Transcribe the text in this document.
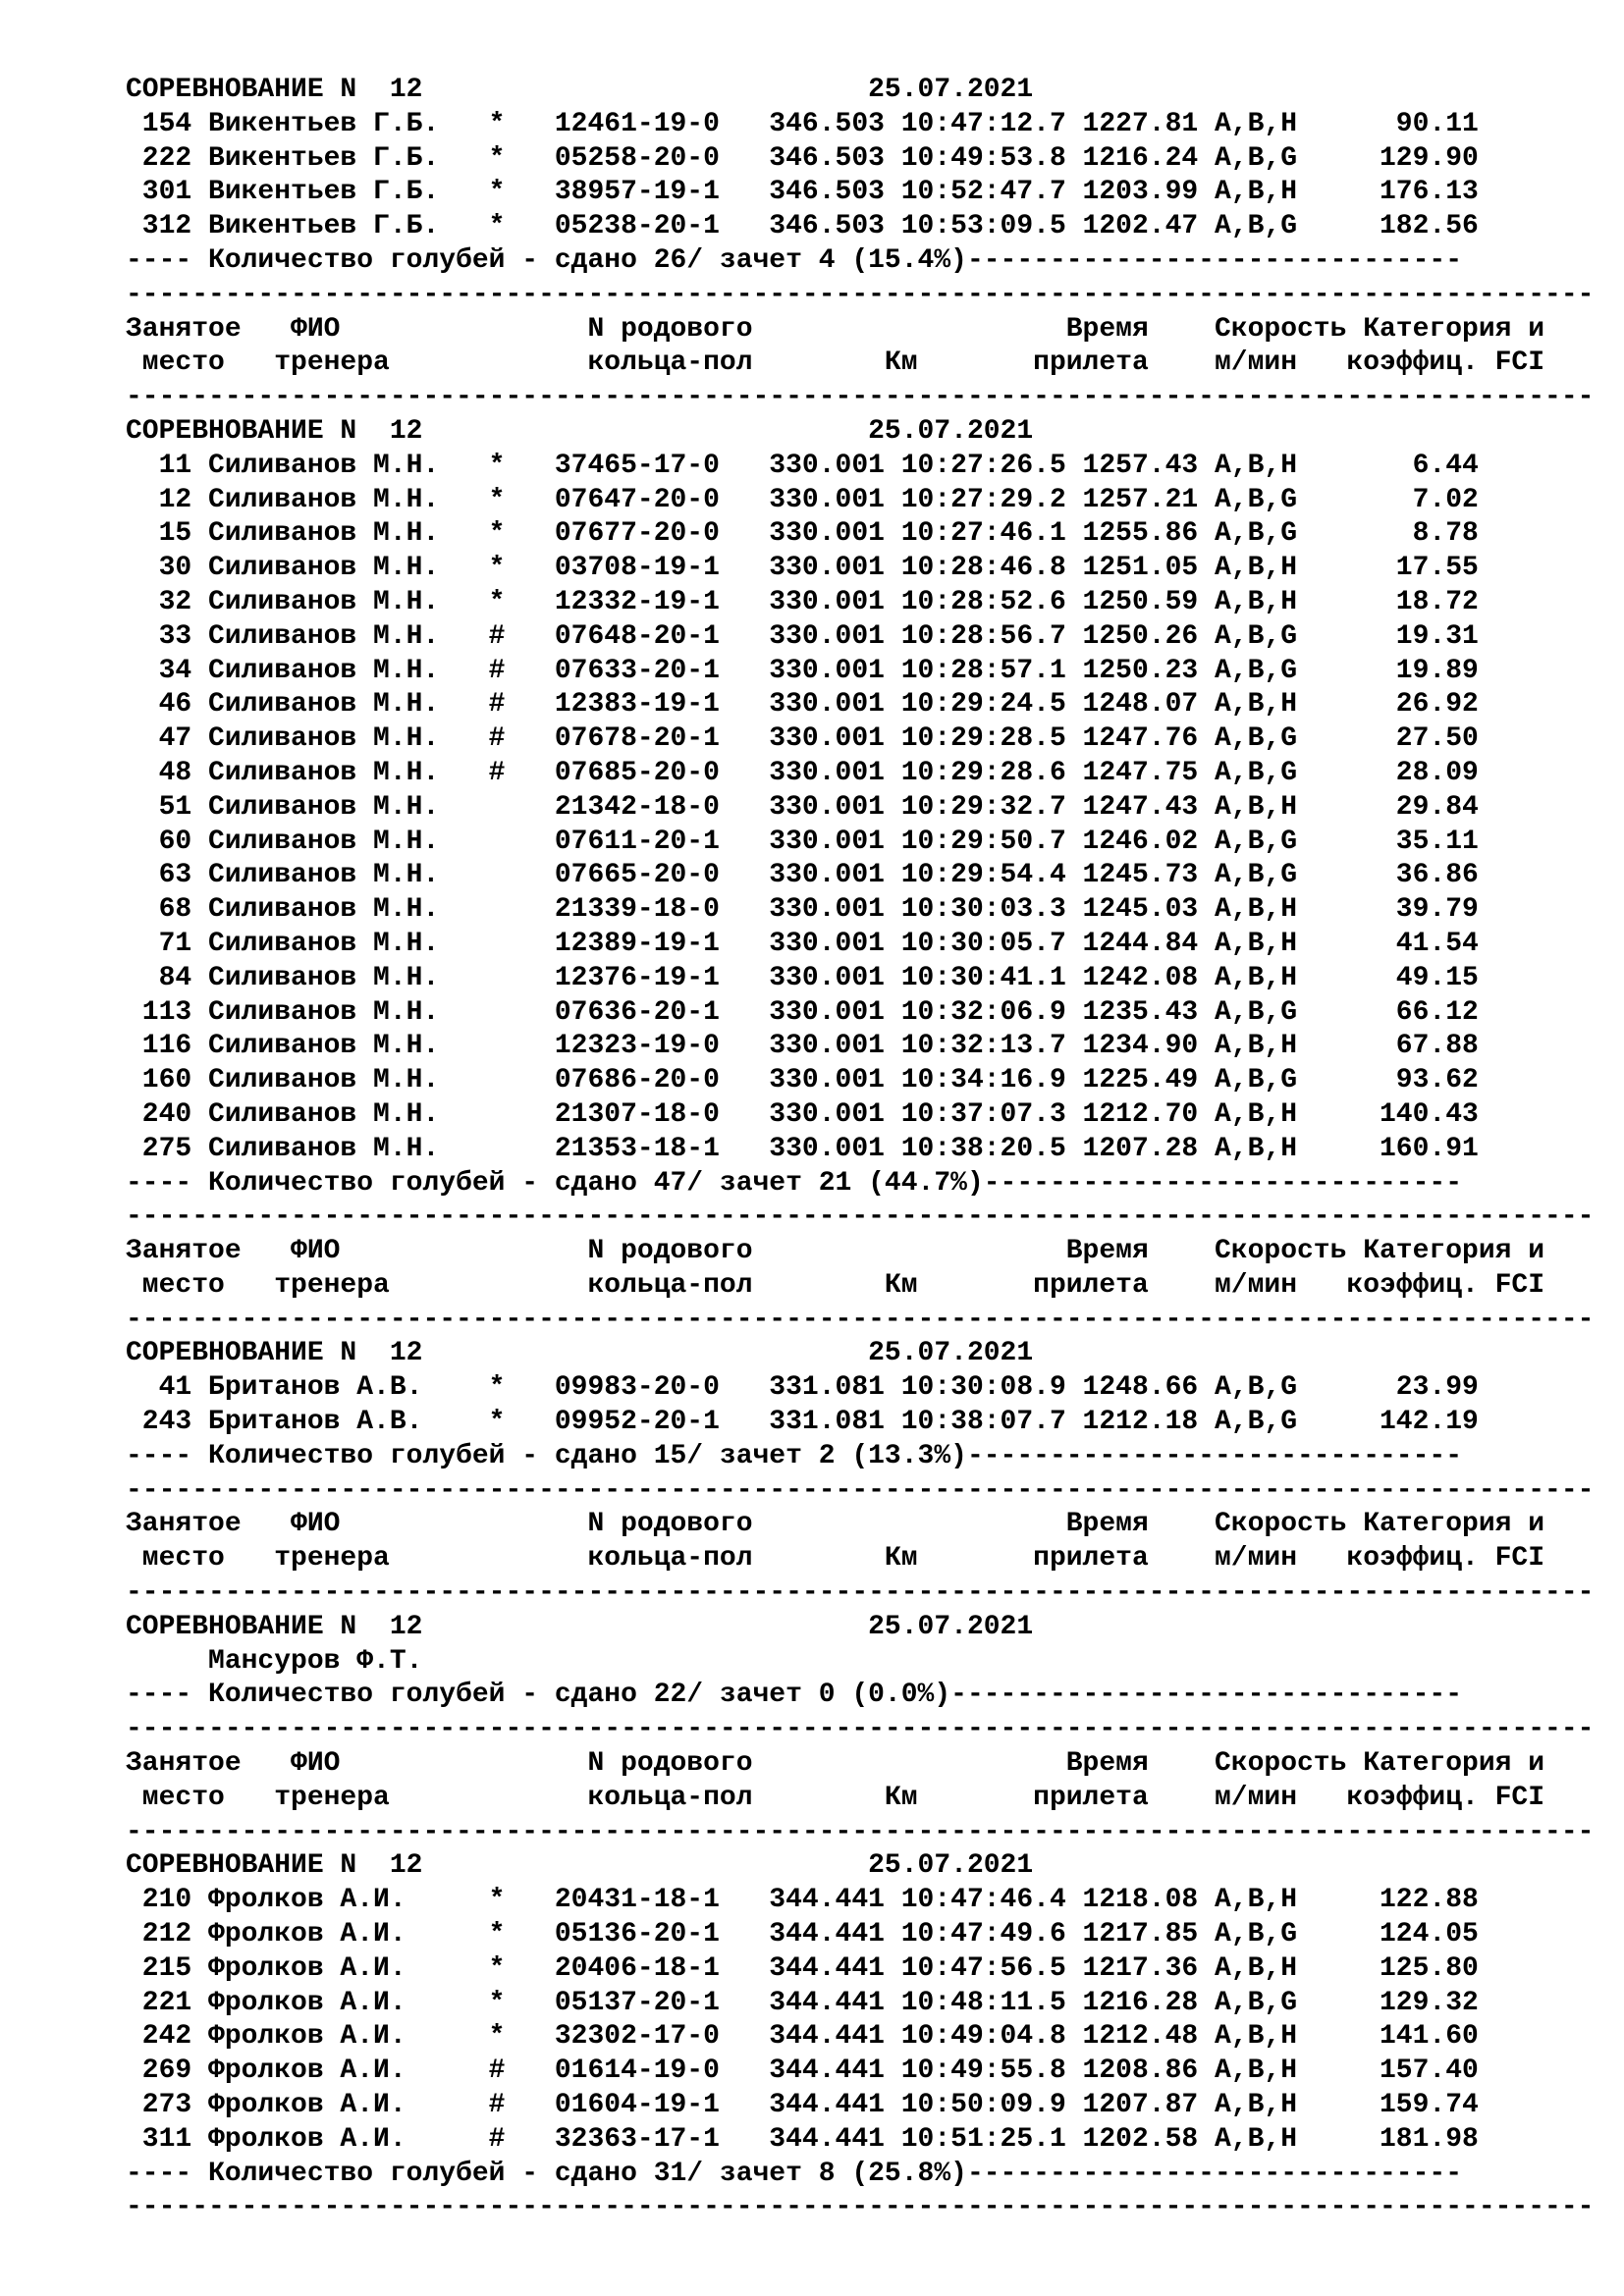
СОРЕВНОВАНИЕ N  12                           25.07.2021
154 Викентьев Г.Б.   *   12461-19-0   346.503 10:47:12.7 1227.81 A,B,H      90.11
222 Викентьев Г.Б.   *   05258-20-0   346.503 10:49:53.8 1216.24 A,B,G     129.90
301 Викентьев Г.Б.   *   38957-19-1   346.503 10:52:47.7 1203.99 A,B,H     176.13
312 Викентьев Г.Б.   *   05238-20-1   346.503 10:53:09.5 1202.47 A,B,G     182.56
---- Количество голубей - сдано 26/ зачет 4 (15.4%)------------------------------
-----------------------------------------------------------------------------------------
Занятое   ФИО               N родового                   Время    Скорость Категория и
место   тренера            кольца-пол        Км       прилета    м/мин   коэффиц. FCI
-----------------------------------------------------------------------------------------
СОРЕВНОВАНИЕ N  12                           25.07.2021
11 Силиванов М.Н.   *   37465-17-0   330.001 10:27:26.5 1257.43 A,B,H       6.44
12 Силиванов М.Н.   *   07647-20-0   330.001 10:27:29.2 1257.21 A,B,G       7.02
15 Силиванов М.Н.   *   07677-20-0   330.001 10:27:46.1 1255.86 A,B,G       8.78
30 Силиванов М.Н.   *   03708-19-1   330.001 10:28:46.8 1251.05 A,B,H      17.55
32 Силиванов М.Н.   *   12332-19-1   330.001 10:28:52.6 1250.59 A,B,H      18.72
33 Силиванов М.Н.   #   07648-20-1   330.001 10:28:56.7 1250.26 A,B,G      19.31
34 Силиванов М.Н.   #   07633-20-1   330.001 10:28:57.1 1250.23 A,B,G      19.89
46 Силиванов М.Н.   #   12383-19-1   330.001 10:29:24.5 1248.07 A,B,H      26.92
47 Силиванов М.Н.   #   07678-20-1   330.001 10:29:28.5 1247.76 A,B,G      27.50
48 Силиванов М.Н.   #   07685-20-0   330.001 10:29:28.6 1247.75 A,B,G      28.09
51 Силиванов М.Н.       21342-18-0   330.001 10:29:32.7 1247.43 A,B,H      29.84
60 Силиванов М.Н.       07611-20-1   330.001 10:29:50.7 1246.02 A,B,G      35.11
63 Силиванов М.Н.       07665-20-0   330.001 10:29:54.4 1245.73 A,B,G      36.86
68 Силиванов М.Н.       21339-18-0   330.001 10:30:03.3 1245.03 A,B,H      39.79
71 Силиванов М.Н.       12389-19-1   330.001 10:30:05.7 1244.84 A,B,H      41.54
84 Силиванов М.Н.       12376-19-1   330.001 10:30:41.1 1242.08 A,B,H      49.15
113 Силиванов М.Н.       07636-20-1   330.001 10:32:06.9 1235.43 A,B,G      66.12
116 Силиванов М.Н.       12323-19-0   330.001 10:32:13.7 1234.90 A,B,H      67.88
160 Силиванов М.Н.       07686-20-0   330.001 10:34:16.9 1225.49 A,B,G      93.62
240 Силиванов М.Н.       21307-18-0   330.001 10:37:07.3 1212.70 A,B,H     140.43
275 Силиванов М.Н.       21353-18-1   330.001 10:38:20.5 1207.28 A,B,H     160.91
---- Количество голубей - сдано 47/ зачет 21 (44.7%)-----------------------------
-----------------------------------------------------------------------------------------
Занятое   ФИО               N родового                   Время    Скорость Категория и
место   тренера            кольца-пол        Км       прилета    м/мин   коэффиц. FCI
-----------------------------------------------------------------------------------------
СОРЕВНОВАНИЕ N  12                           25.07.2021
41 Британов А.В.    *   09983-20-0   331.081 10:30:08.9 1248.66 A,B,G      23.99
243 Британов А.В.    *   09952-20-1   331.081 10:38:07.7 1212.18 A,B,G     142.19
---- Количество голубей - сдано 15/ зачет 2 (13.3%)------------------------------
-----------------------------------------------------------------------------------------
Занятое   ФИО               N родового                   Время    Скорость Категория и
место   тренера            кольца-пол        Км       прилета    м/мин   коэффиц. FCI
-----------------------------------------------------------------------------------------
СОРЕВНОВАНИЕ N  12                           25.07.2021
Мансуров Ф.Т.
---- Количество голубей - сдано 22/ зачет 0 (0.0%)-------------------------------
-----------------------------------------------------------------------------------------
Занятое   ФИО               N родового                   Время    Скорость Категория и
место   тренера            кольца-пол        Км       прилета    м/мин   коэффиц. FCI
-----------------------------------------------------------------------------------------
СОРЕВНОВАНИЕ N  12                           25.07.2021
210 Фролков А.И.     *   20431-18-1   344.441 10:47:46.4 1218.08 A,B,H     122.88
212 Фролков А.И.     *   05136-20-1   344.441 10:47:49.6 1217.85 A,B,G     124.05
215 Фролков А.И.     *   20406-18-1   344.441 10:47:56.5 1217.36 A,B,H     125.80
221 Фролков А.И.     *   05137-20-1   344.441 10:48:11.5 1216.28 A,B,G     129.32
242 Фролков А.И.     *   32302-17-0   344.441 10:49:04.8 1212.48 A,B,H     141.60
269 Фролков А.И.     #   01614-19-0   344.441 10:49:55.8 1208.86 A,B,H     157.40
273 Фролков А.И.     #   01604-19-1   344.441 10:50:09.9 1207.87 A,B,H     159.74
311 Фролков А.И.     #   32363-17-1   344.441 10:51:25.1 1202.58 A,B,H     181.98
---- Количество голубей - сдано 31/ зачет 8 (25.8%)------------------------------
-----------------------------------------------------------------------------------------
